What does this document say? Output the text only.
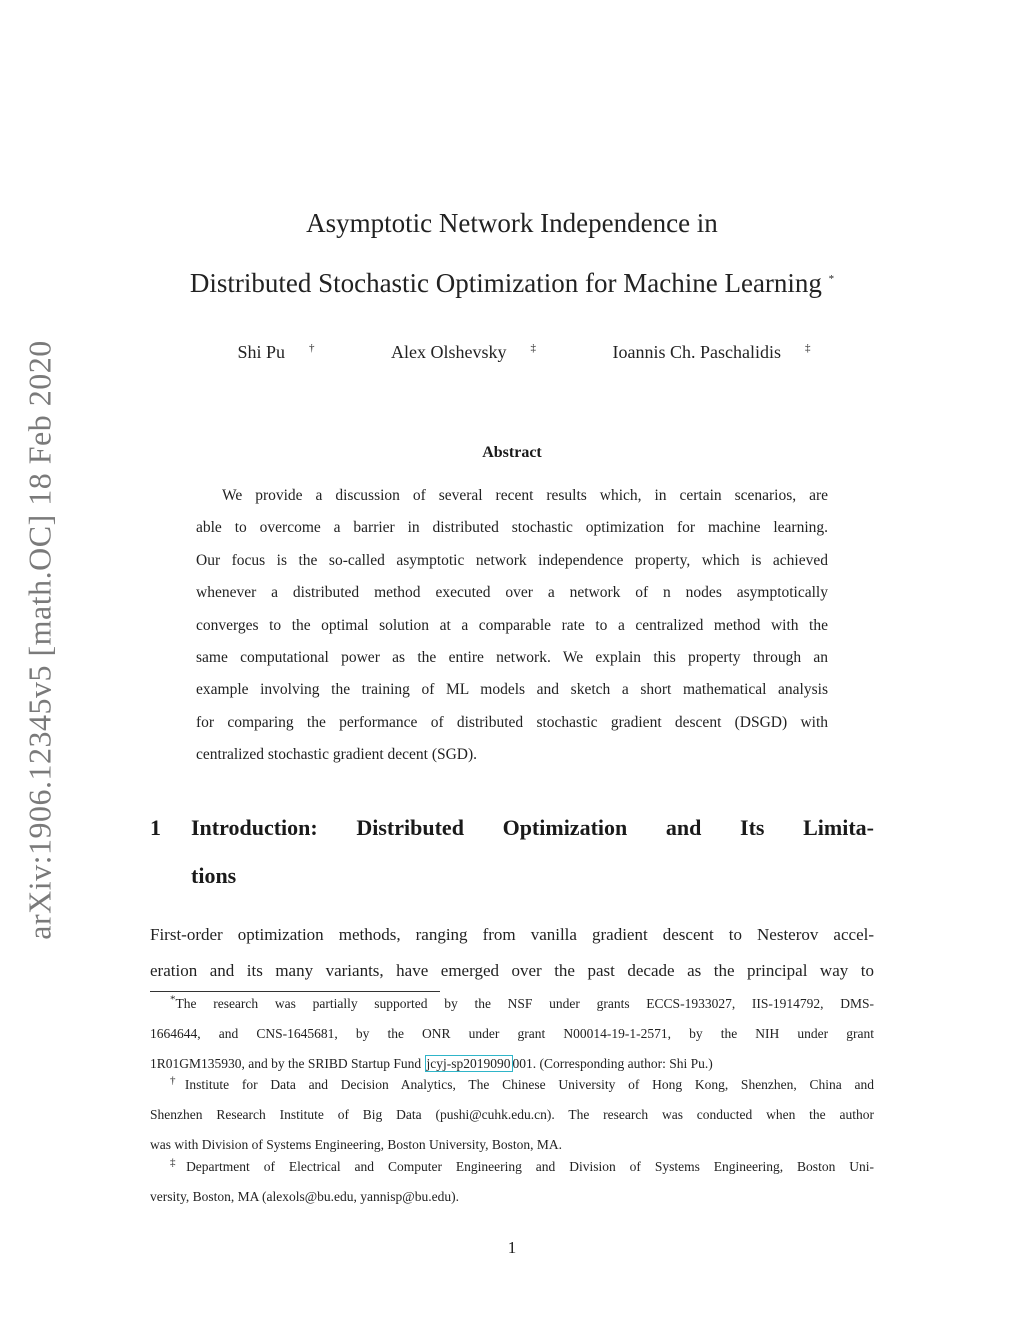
arXiv:1906.12345v5 [math.OC] 18 Feb 2020
Asymptotic Network Independence in
Distributed Stochastic Optimization for Machine Learning *
Shi Pu †	Alex Olshevsky ‡	Ioannis Ch. Paschalidis ‡
Abstract
We provide a discussion of several recent results which, in certain scenarios, are
able to overcome a barrier in distributed stochastic optimization for machine learning.
Our focus is the so-called asymptotic network independence property, which is achieved
whenever a distributed method executed over a network of n nodes asymptotically
converges to the optimal solution at a comparable rate to a centralized method with the
same computational power as the entire network. We explain this property through an
example involving the training of ML models and sketch a short mathematical analysis
for comparing the performance of distributed stochastic gradient descent (DSGD) with
centralized stochastic gradient decent (SGD).
1	Introduction: Distributed Optimization and Its Limita-
tions
First-order optimization methods, ranging from vanilla gradient descent to Nesterov accel-
eration and its many variants, have emerged over the past decade as the principal way to
*The research was partially supported by the NSF under grants ECCS-1933027, IIS-1914792, DMS-
1664644, and CNS-1645681, by the ONR under grant N00014-19-1-2571, by the NIH under grant
1R01GM135930, and by the SRIBD Startup Fund jcyj-sp2019090 001. (Corresponding author: Shi Pu.)
†Institute for Data and Decision Analytics, The Chinese University of Hong Kong, Shenzhen, China and
Shenzhen Research Institute of Big Data (pushi@cuhk.edu.cn). The research was conducted when the author
was with Division of Systems Engineering, Boston University, Boston, MA.
‡Department of Electrical and Computer Engineering and Division of Systems Engineering, Boston Uni-
versity, Boston, MA (alexols@bu.edu, yannisp@bu.edu).
1
